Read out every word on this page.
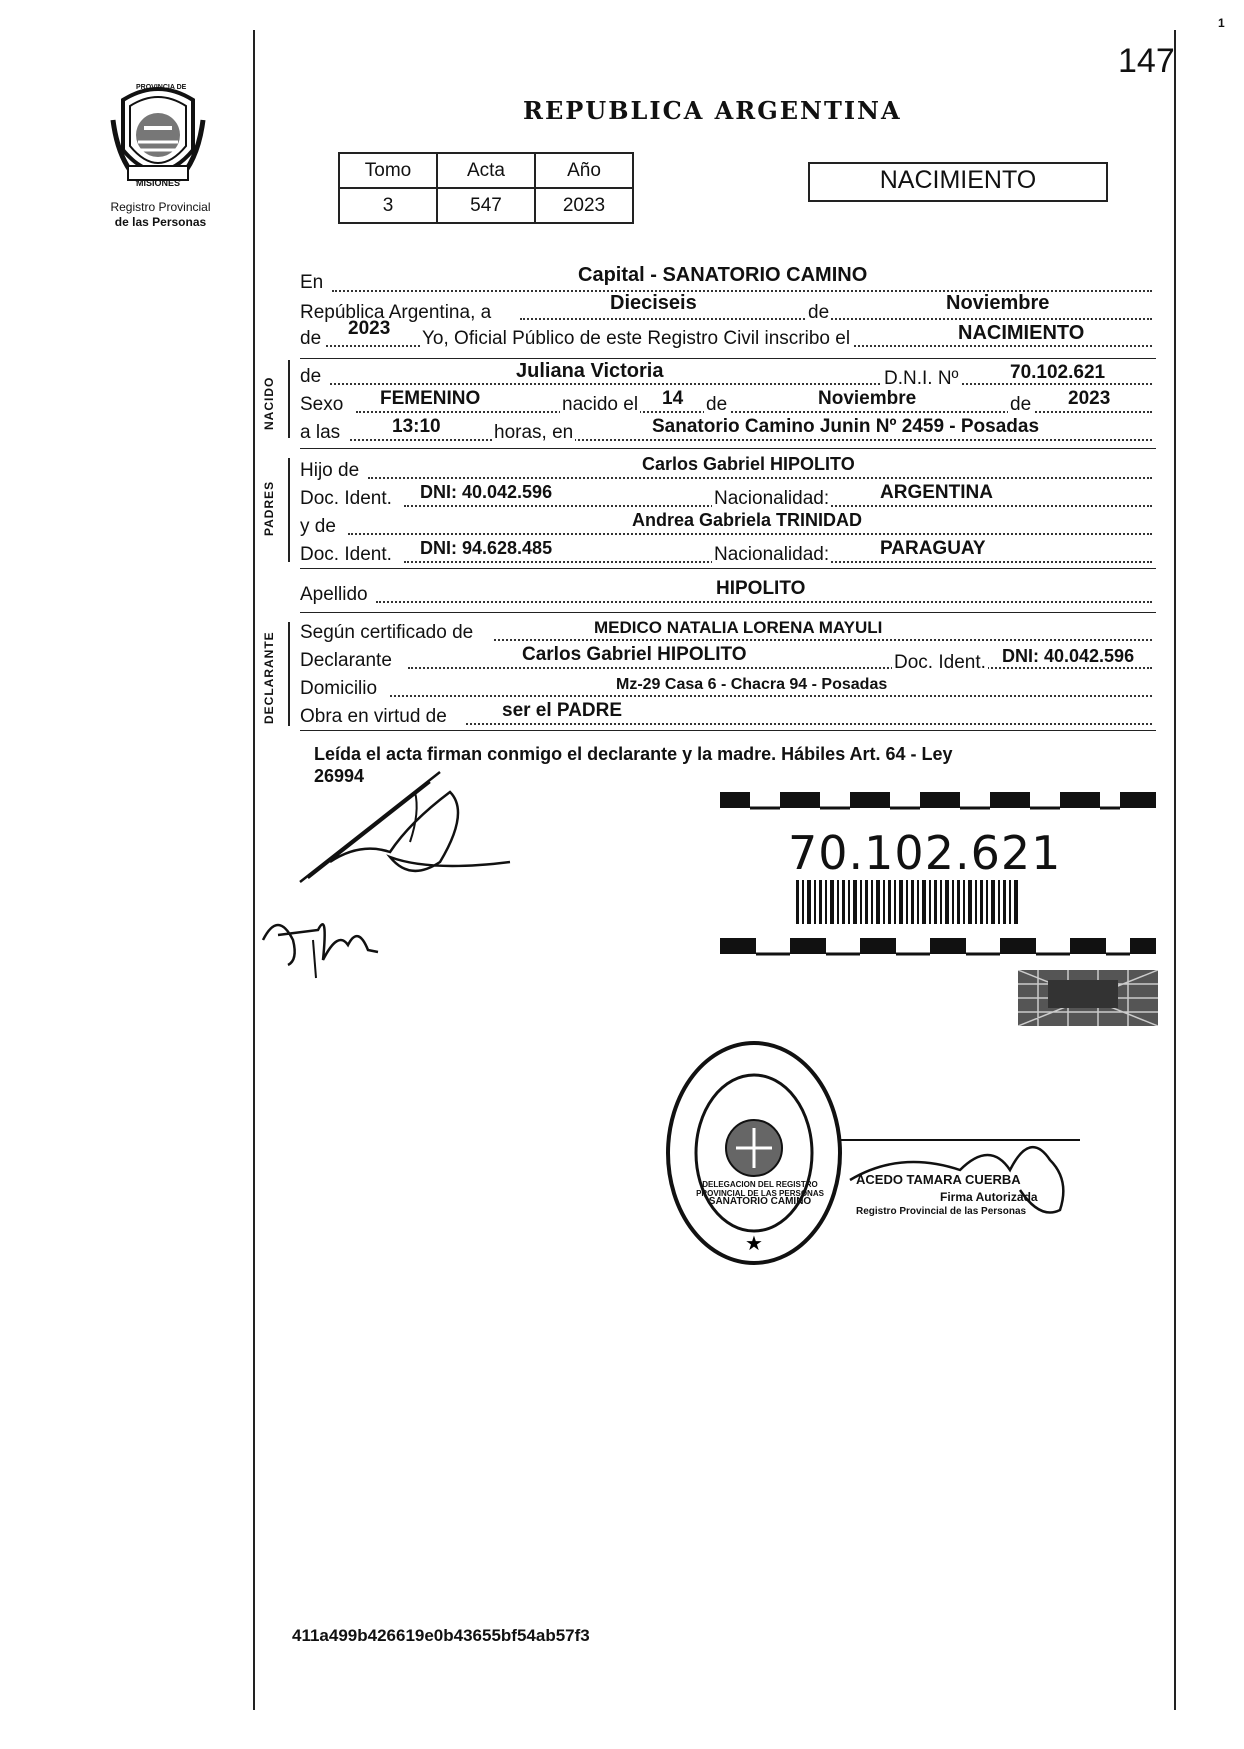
147
1
PROVINCIA DE
MISIONES
Registro Provincial
de las Personas
REPUBLICA ARGENTINA
Tomo	Acta	Año
3	547	2023
NACIMIENTO
En	Capital - SANATORIO CAMINO
República Argentina, a	Dieciseis	de	Noviembre
de 2023 Yo, Oficial Público de este Registro Civil inscribo el	NACIMIENTO
NACIDO
de	Juliana Victoria	D.N.I. Nº	70.102.621
Sexo FEMENINO	nacido el 14 de	Noviembre	de 2023
a las	13:10	horas, en	Sanatorio Camino Junin Nº 2459 - Posadas
PADRES
Hijo de	Carlos Gabriel HIPOLITO
Doc. Ident. DNI: 40.042.596	Nacionalidad:	ARGENTINA
y de	Andrea Gabriela TRINIDAD
Doc. Ident. DNI: 94.628.485	Nacionalidad:	PARAGUAY
Apellido	HIPOLITO
DECLARANTE Según certificado de	MEDICO NATALIA LORENA MAYULI
Declarante	Carlos Gabriel HIPOLITO	Doc. Ident. DNI: 40.042.596
Domicilio	Mz-29 Casa 6 - Chacra 94 - Posadas
Obra en virtud de	ser el PADRE
Leída el acta firman conmigo el declarante y la madre. Hábiles Art. 64 - Ley
26994
70.102.621
★
DELEGACION DEL REGISTRO PROVINCIAL DE LAS PERSONAS
SANATORIO CAMINO
ACEDO TAMARA CUERBA
Firma Autorizada
Registro Provincial de las Personas
411a499b426619e0b43655bf54ab57f3
